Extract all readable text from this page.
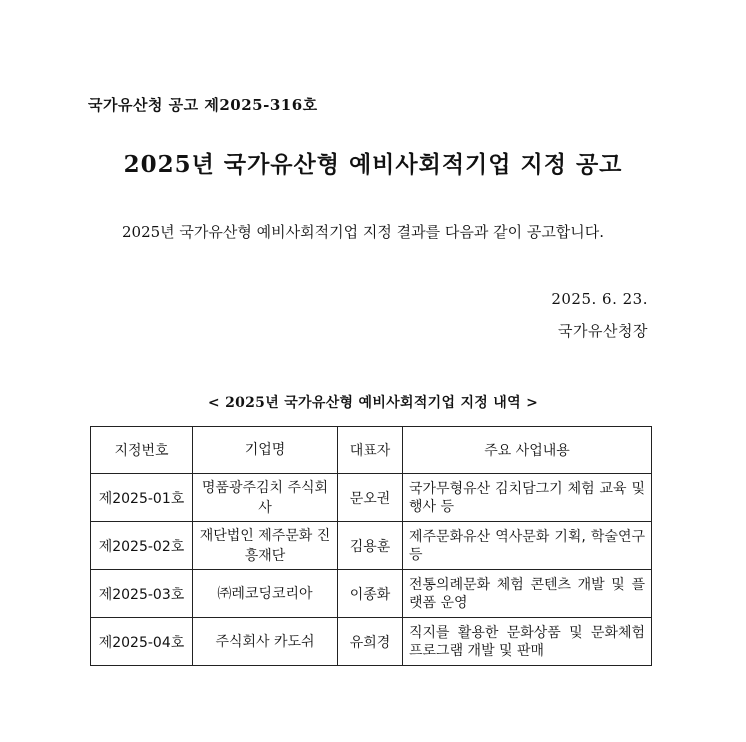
국가유산청 공고 제2025-316호
2025년 국가유산형 예비사회적기업 지정 공고
2025년 국가유산형 예비사회적기업 지정 결과를 다음과 같이 공고합니다.
2025. 6. 23.
국가유산청장
< 2025년 국가유산형 예비사회적기업 지정 내역 >
지정번호	기업명	대표자	주요 사업내용
제2025-01호	명품광주김치 주식회사	문오권	국가무형유산 김치담그기 체험 교육 및 행사 등
제2025-02호	재단법인 제주문화 진흥재단	김용훈	제주문화유산 역사문화 기획, 학술연구 등
제2025-03호	㈜레코딩코리아	이종화	전통의례문화 체험 콘텐츠 개발 및 플랫폼 운영
제2025-04호	주식회사 카도쉬	유희경	직지를 활용한 문화상품 및 문화체험 프로그램 개발 및 판매
